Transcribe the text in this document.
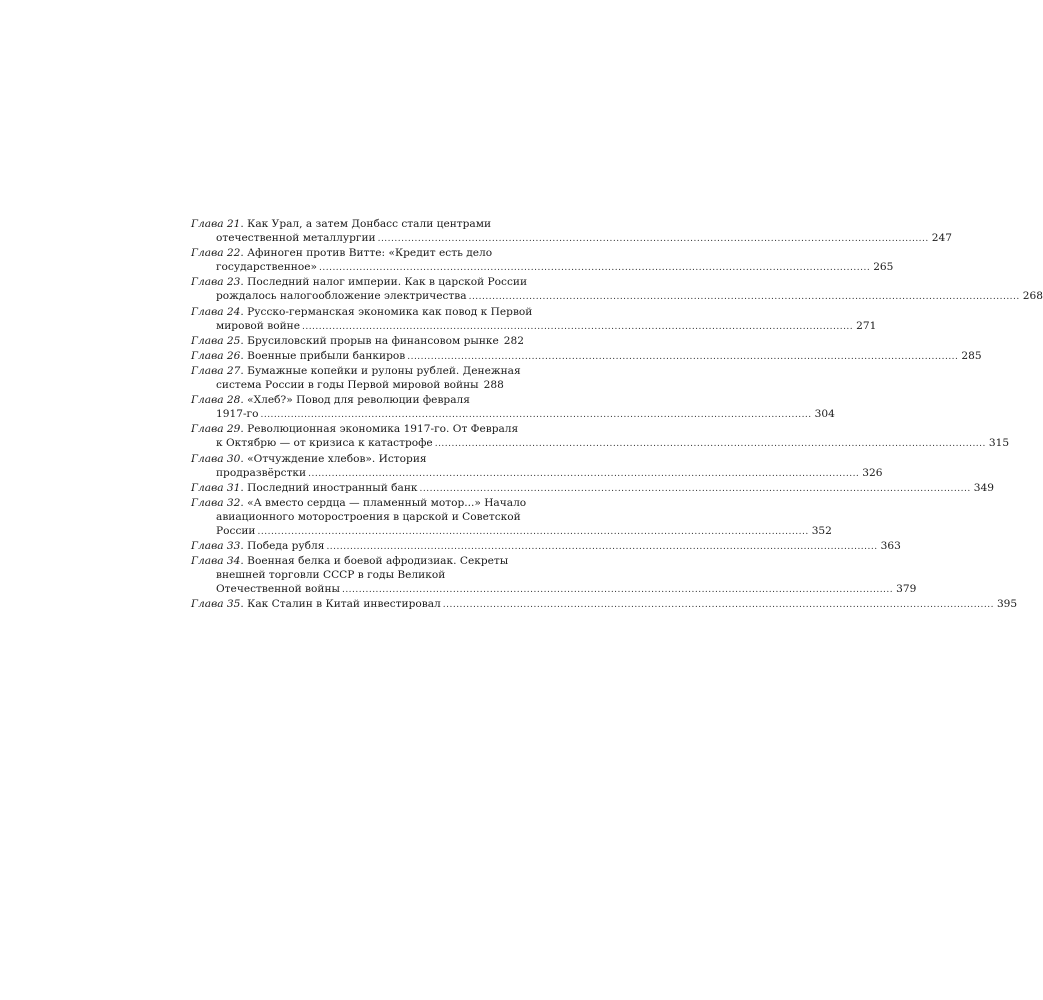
Глава 21. Как Урал, а затем Донбасс стали центрами
отечественной металлургии .....	247
Глава 22. Афиноген против Витте: «Кредит есть дело
государственное» .....	265
Глава 23. Последний налог империи. Как в царской России
рождалось налогообложение электричества .....	268
Глава 24. Русско-германская экономика как повод к Первой
мировой войне .....	271
Глава 25. Брусиловский прорыв на финансовом рынке 282
Глава 26. Военные прибыли банкиров .....	285
Глава 27. Бумажные копейки и рулоны рублей. Денежная
система России в годы Первой мировой войны 288
Глава 28. «Хлеб?» Повод для революции февраля
1917-го .....	304
Глава 29. Революционная экономика 1917-го. От Февраля
к Октябрю — от кризиса к катастрофе .....	315
Глава 30. «Отчуждение хлебов». История
продразвёрстки .....	326
Глава 31. Последний иностранный банк .....	349
Глава 32. «А вместо сердца — пламенный мотор...» Начало
авиационного моторостроения в царской и Советской
России .....	352
Глава 33. Победа рубля .....	363
Глава 34. Военная белка и боевой афродизиак. Секреты
внешней торговли СССР в годы Великой
Отечественной войны .....	379
Глава 35. Как Сталин в Китай инвестировал .....	395
